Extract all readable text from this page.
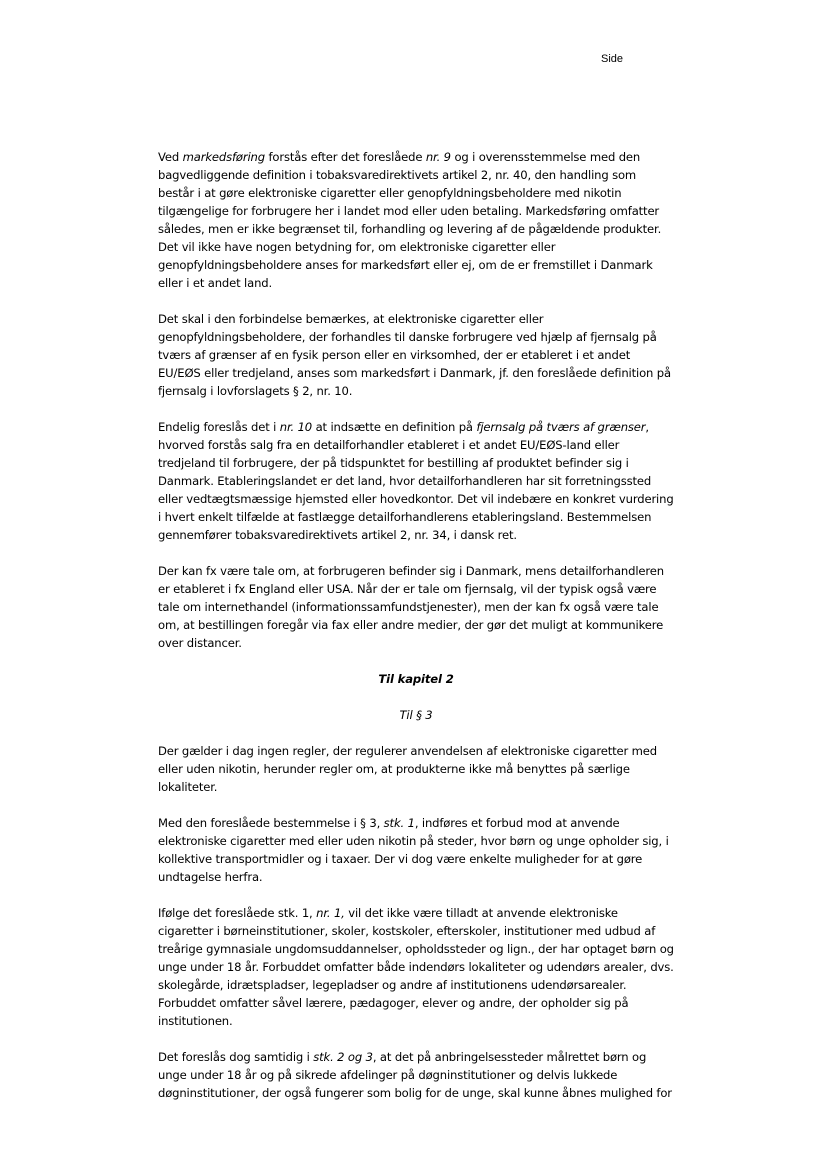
Side

Ved markedsføring forstås efter det foreslåede nr. 9 og i overensstemmelse med den bagvedliggende definition i tobaksvaredirektivets artikel 2, nr. 40, den handling som består i at gøre elektroniske cigaretter eller genopfyldningsbeholdere med nikotin tilgængelige for forbrugere her i landet mod eller uden betaling. Markedsføring omfatter således, men er ikke begrænset til, forhandling og levering af de pågældende produkter. Det vil ikke have nogen betydning for, om elektroniske cigaretter eller genopfyldningsbeholdere anses for markedsført eller ej, om de er fremstillet i Danmark eller i et andet land.

Det skal i den forbindelse bemærkes, at elektroniske cigaretter eller genopfyldningsbeholdere, der forhandles til danske forbrugere ved hjælp af fjernsalg på tværs af grænser af en fysik person eller en virksomhed, der er etableret i et andet EU/EØS eller tredjeland, anses som markedsført i Danmark, jf. den foreslåede definition på fjernsalg i lovforslagets § 2, nr. 10.

Endelig foreslås det i nr. 10 at indsætte en definition på fjernsalg på tværs af grænser, hvorved forstås salg fra en detailforhandler etableret i et andet EU/EØS-land eller tredjeland til forbrugere, der på tidspunktet for bestilling af produktet befinder sig i Danmark. Etableringslandet er det land, hvor detailforhandleren har sit forretningssted eller vedtægtsmæssige hjemsted eller hovedkontor. Det vil indebære en konkret vurdering i hvert enkelt tilfælde at fastlægge detailforhandlerens etableringsland. Bestemmelsen gennemfører tobaksvaredirektivets artikel 2, nr. 34, i dansk ret.

Der kan fx være tale om, at forbrugeren befinder sig i Danmark, mens detailforhandleren er etableret i fx England eller USA. Når der er tale om fjernsalg, vil der typisk også være tale om internethandel (informationssamfundstjenester), men der kan fx også være tale om, at bestillingen foregår via fax eller andre medier, der gør det muligt at kommunikere over distancer.

Til kapitel 2

Til § 3

Der gælder i dag ingen regler, der regulerer anvendelsen af elektroniske cigaretter med eller uden nikotin, herunder regler om, at produkterne ikke må benyttes på særlige lokaliteter.

Med den foreslåede bestemmelse i § 3, stk. 1, indføres et forbud mod at anvende elektroniske cigaretter med eller uden nikotin på steder, hvor børn og unge opholder sig, i kollektive transportmidler og i taxaer. Der vi dog være enkelte muligheder for at gøre undtagelse herfra.

Ifølge det foreslåede stk. 1, nr. 1, vil det ikke være tilladt at anvende elektroniske cigaretter i børneinstitutioner, skoler, kostskoler, efterskoler, institutioner med udbud af treårige gymnasiale ungdomsuddannelser, opholdssteder og lign., der har optaget børn og unge under 18 år. Forbuddet omfatter både indendørs lokaliteter og udendørs arealer, dvs. skolegårde, idrætspladser, legepladser og andre af institutionens udendørsarealer. Forbuddet omfatter såvel lærere, pædagoger, elever og andre, der opholder sig på institutionen.

Det foreslås dog samtidig i stk. 2 og 3, at det på anbringelsessteder målrettet børn og unge under 18 år og på sikrede afdelinger på døgninstitutioner og delvis lukkede døgninstitutioner, der også fungerer som bolig for de unge, skal kunne åbnes mulighed for
